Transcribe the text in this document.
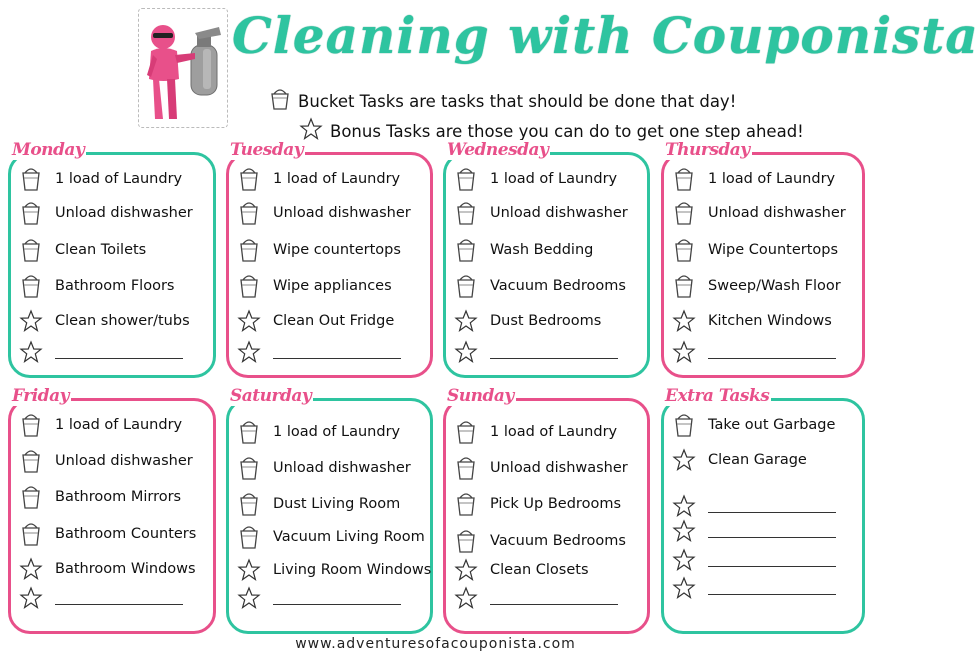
Cleaning with Couponista
Bucket Tasks are tasks that should be done that day!
Bonus Tasks are those you can do to get one step ahead!
Monday
1 load of Laundry
Unload dishwasher
Clean Toilets
Bathroom Floors
Clean shower/tubs
Tuesday
1 load of Laundry
Unload dishwasher
Wipe countertops
Wipe appliances
Clean Out Fridge
Wednesday
1 load of Laundry
Unload dishwasher
Wash Bedding
Vacuum Bedrooms
Dust Bedrooms
Thursday
1 load of Laundry
Unload dishwasher
Wipe Countertops
Sweep/Wash Floor
Kitchen Windows
Friday
1 load of Laundry
Unload dishwasher
Bathroom Mirrors
Bathroom Counters
Bathroom Windows
Saturday
1 load of Laundry
Unload dishwasher
Dust Living Room
Vacuum Living Room
Living Room Windows
Sunday
1 load of Laundry
Unload dishwasher
Pick Up Bedrooms
Vacuum Bedrooms
Clean Closets
Extra Tasks
Take out Garbage
Clean Garage
www.adventuresofacouponista.com
